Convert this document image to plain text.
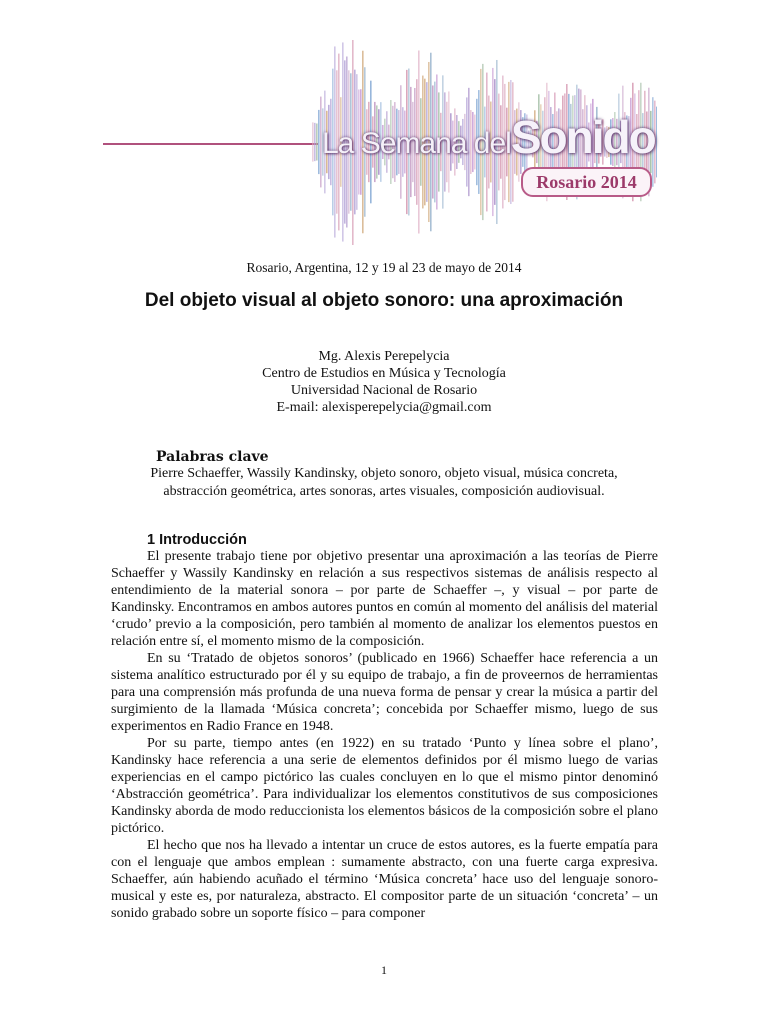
La Semana delSonido
Rosario 2014
Rosario, Argentina, 12 y 19 al 23 de mayo de 2014
Del objeto visual al objeto sonoro: una aproximación
Mg. Alexis Perepelycia
Centro de Estudios en Música y Tecnología
Universidad Nacional de Rosario
E-mail: alexisperepelycia@gmail.com
Palabras clave
Pierre Schaeffer, Wassily Kandinsky, objeto sonoro, objeto visual, música concreta,
abstracción geométrica, artes sonoras, artes visuales, composición audiovisual.
1 Introducción

El presente trabajo tiene por objetivo presentar una aproximación a las teorías de Pierre Schaeffer y Wassily Kandinsky en relación a sus respectivos sistemas de análisis respecto al entendimiento de la material sonora – por parte de Schaeffer –, y visual – por parte de Kandinsky. Encontramos en ambos autores puntos en común al momento del análisis del material ‘crudo’ previo a la composición, pero también al momento de analizar los elementos puestos en relación entre sí, el momento mismo de la composición.

En su ‘Tratado de objetos sonoros’ (publicado en 1966) Schaeffer hace referencia a un sistema analítico estructurado por él y su equipo de trabajo, a fin de proveernos de herramientas para una comprensión más profunda de una nueva forma de pensar y crear la música a partir del surgimiento de la llamada ‘Música concreta’; concebida por Schaeffer mismo, luego de sus experimentos en Radio France en 1948.

Por su parte, tiempo antes (en 1922) en su tratado ‘Punto y línea sobre el plano’, Kandinsky hace referencia a una serie de elementos definidos por él mismo luego de varias experiencias en el campo pictórico las cuales concluyen en lo que el mismo pintor denominó ‘Abstracción geométrica’. Para individualizar los elementos constitutivos de sus composiciones Kandinsky aborda de modo reduccionista los elementos básicos de la composición sobre el plano pictórico.

El hecho que nos ha llevado a intentar un cruce de estos autores, es la fuerte empatía para con el lenguaje que ambos emplean : sumamente abstracto, con una fuerte carga expresiva. Schaeffer, aún habiendo acuñado el término ‘Música concreta’ hace uso del lenguaje sonoro-musical y este es, por naturaleza, abstracto. El compositor parte de un situación ‘concreta’ – un sonido grabado sobre un soporte físico – para componer

1
